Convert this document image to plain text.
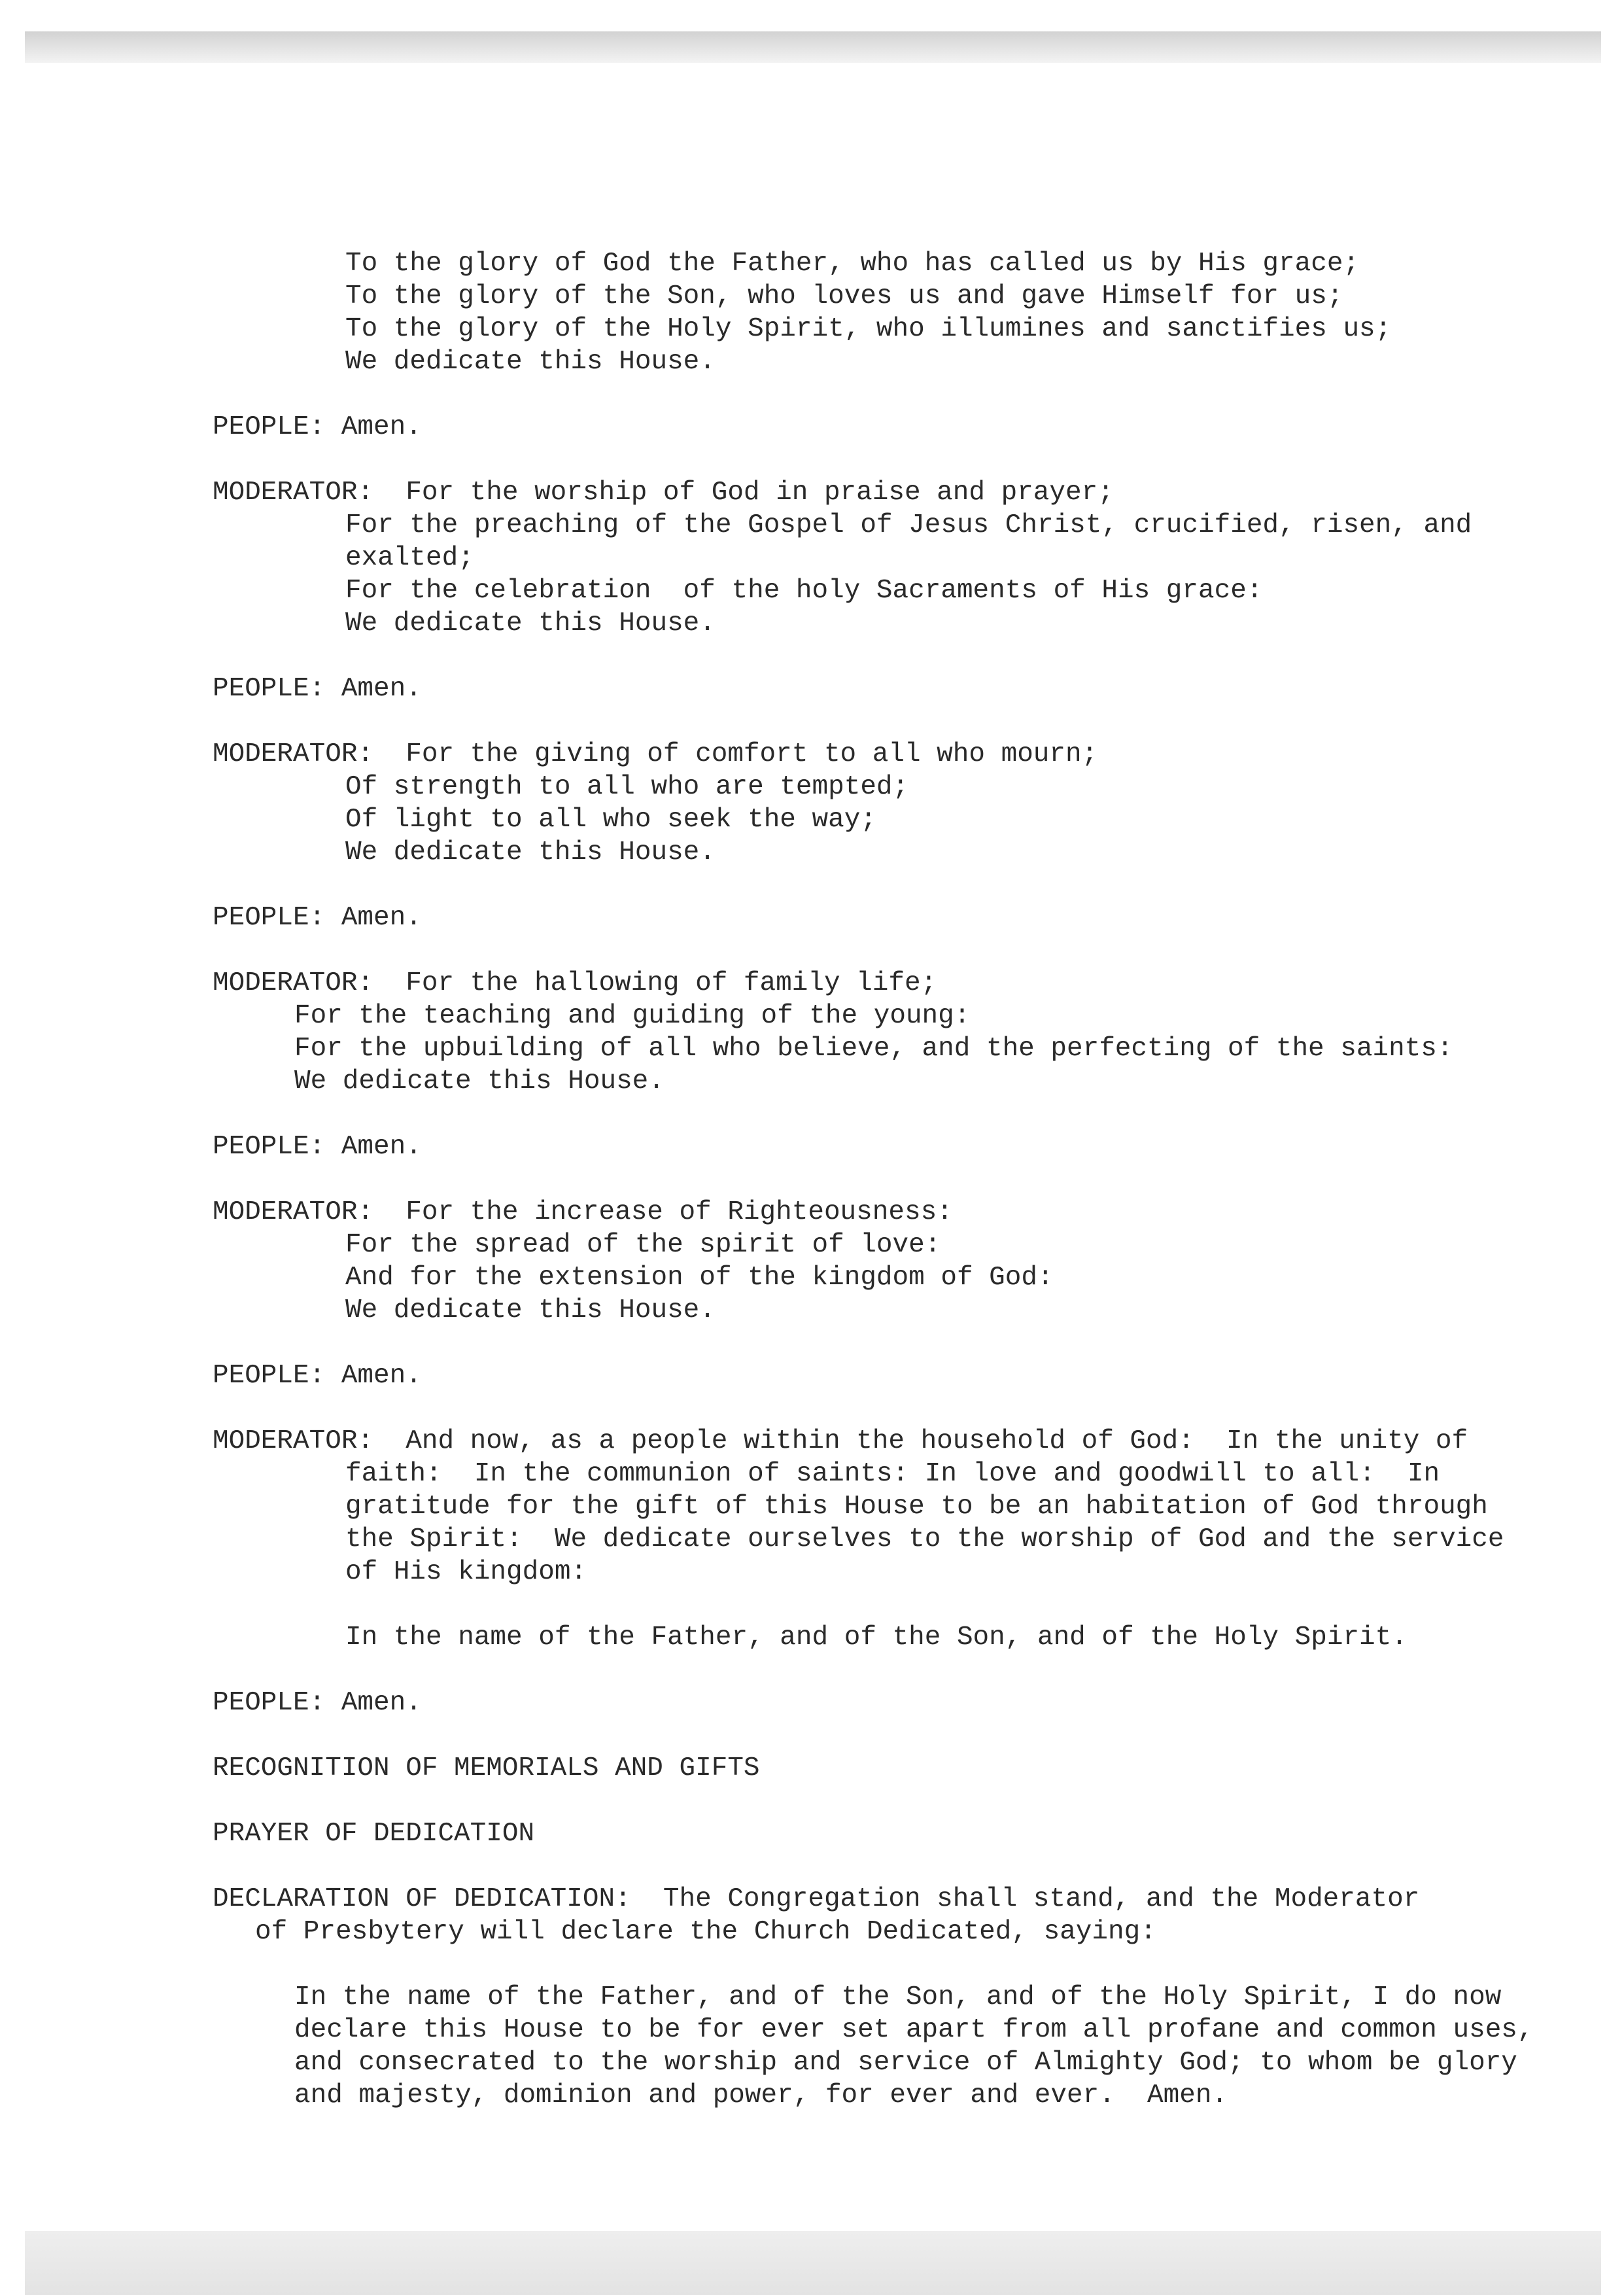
To the glory of God the Father, who has called us by His grace;

To the glory of the Son, who loves us and gave Himself for us;

To the glory of the Holy Spirit, who illumines and sanctifies us;

We dedicate this House.

PEOPLE: Amen.

MODERATOR:  For the worship of God in praise and prayer;

For the preaching of the Gospel of Jesus Christ, crucified, risen, and

exalted;

For the celebration  of the holy Sacraments of His grace:

We dedicate this House.

PEOPLE: Amen.

MODERATOR:  For the giving of comfort to all who mourn;

Of strength to all who are tempted;

Of light to all who seek the way;

We dedicate this House.

PEOPLE: Amen.

MODERATOR:  For the hallowing of family life;

For the teaching and guiding of the young:

For the upbuilding of all who believe, and the perfecting of the saints:

We dedicate this House.

PEOPLE: Amen.

MODERATOR:  For the increase of Righteousness:

For the spread of the spirit of love:

And for the extension of the kingdom of God:

We dedicate this House.

PEOPLE: Amen.

MODERATOR:  And now, as a people within the household of God:  In the unity of

faith:  In the communion of saints: In love and goodwill to all:  In

gratitude for the gift of this House to be an habitation of God through

the Spirit:  We dedicate ourselves to the worship of God and the service

of His kingdom:

In the name of the Father, and of the Son, and of the Holy Spirit.

PEOPLE: Amen.

RECOGNITION OF MEMORIALS AND GIFTS

PRAYER OF DEDICATION

DECLARATION OF DEDICATION:  The Congregation shall stand, and the Moderator

of Presbytery will declare the Church Dedicated, saying:

In the name of the Father, and of the Son, and of the Holy Spirit, I do now

declare this House to be for ever set apart from all profane and common uses,

and consecrated to the worship and service of Almighty God; to whom be glory

and majesty, dominion and power, for ever and ever.  Amen.
